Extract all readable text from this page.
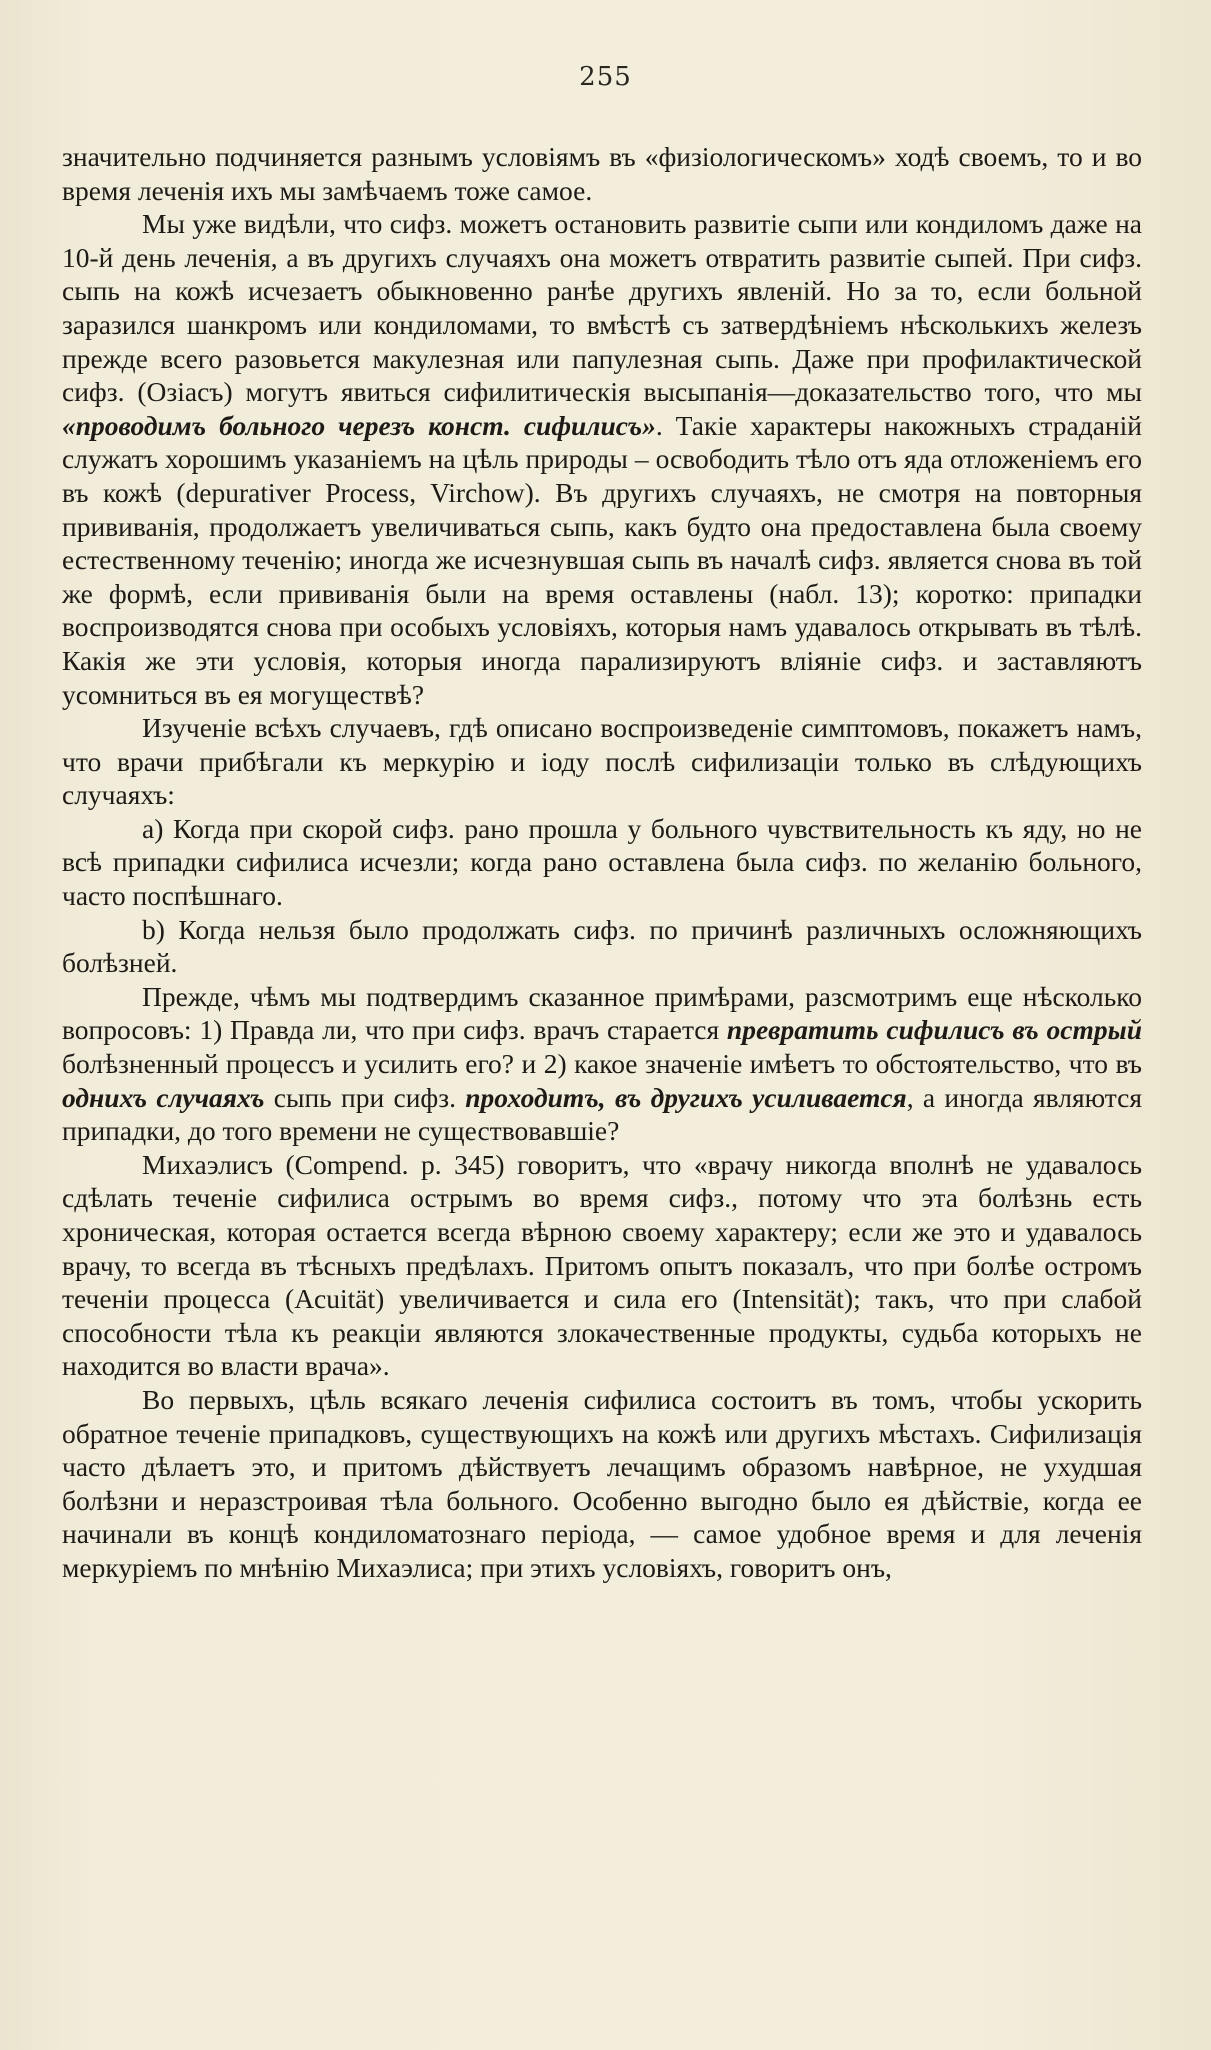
255

значительно подчиняется разнымъ условіямъ въ «физіологическомъ» ходѣ своемъ, то и во время леченія ихъ мы замѣчаемъ тоже самое.

Мы уже видѣли, что сифз. можетъ остановить развитіе сыпи или кондиломъ даже на 10-й день леченія, а въ другихъ случаяхъ она можетъ отвратить развитіе сыпей. При сифз. сыпь на кожѣ исчезаетъ обыкновенно ранѣе другихъ явленій. Но за то, если больной заразился шанкромъ или кондиломами, то вмѣстѣ съ затвердѣніемъ нѣсколькихъ железъ прежде всего разовьется макулезная или папулезная сыпь. Даже при профилактической сифз. (Озіасъ) могутъ явиться сифилитическія высыпанія—доказательство того, что мы «проводимъ больного черезъ конст. сифилисъ». Такіе характеры накожныхъ страданій служатъ хорошимъ указаніемъ на цѣль природы – освободить тѣло отъ яда отложеніемъ его въ кожѣ (depurativer Process, Virchow). Въ другихъ случаяхъ, не смотря на повторныя прививанія, продолжаетъ увеличиваться сыпь, какъ будто она предоставлена была своему естественному теченію; иногда же исчезнувшая сыпь въ началѣ сифз. является снова въ той же формѣ, если прививанія были на время оставлены (набл. 13); коротко: припадки воспроизводятся снова при особыхъ условіяхъ, которыя намъ удавалось открывать въ тѣлѣ. Какія же эти условія, которыя иногда парализируютъ вліяніе сифз. и заставляютъ усомниться въ ея могуществѣ?

Изученіе всѣхъ случаевъ, гдѣ описано воспроизведеніе симптомовъ, покажетъ намъ, что врачи прибѣгали къ меркурію и іоду послѣ сифилизаціи только въ слѣдующихъ случаяхъ:

а) Когда при скорой сифз. рано прошла у больного чувствительность къ яду, но не всѣ припадки сифилиса исчезли; когда рано оставлена была сифз. по желанію больного, часто поспѣшнаго.

b) Когда нельзя было продолжать сифз. по причинѣ различныхъ осложняющихъ болѣзней.

Прежде, чѣмъ мы подтвердимъ сказанное примѣрами, разсмотримъ еще нѣсколько вопросовъ: 1) Правда ли, что при сифз. врачъ старается превратить сифилисъ въ острый болѣзненный процессъ и усилить его? и 2) какое значеніе имѣетъ то обстоятельство, что въ однихъ случаяхъ сыпь при сифз. проходитъ, въ другихъ усиливается, а иногда являются припадки, до того времени не существовавшіе?

Михаэлисъ (Compend. p. 345) говоритъ, что «врачу никогда вполнѣ не удавалось сдѣлать теченіе сифилиса острымъ во время сифз., потому что эта болѣзнь есть хроническая, которая остается всегда вѣрною своему характеру; если же это и удавалось врачу, то всегда въ тѣсныхъ предѣлахъ. Притомъ опытъ показалъ, что при болѣе остромъ теченіи процесса (Acuität) увеличивается и сила его (Intensität); такъ, что при слабой способности тѣла къ реакціи являются злокачественные продукты, судьба которыхъ не находится во власти врача».

Во первыхъ, цѣль всякаго леченія сифилиса состоитъ въ томъ, чтобы ускорить обратное теченіе припадковъ, существующихъ на кожѣ или другихъ мѣстахъ. Сифилизація часто дѣлаетъ это, и притомъ дѣйствуетъ лечащимъ образомъ навѣрное, не ухудшая болѣзни и неразстроивая тѣла больного. Особенно выгодно было ея дѣйствіе, когда ее начинали въ концѣ кондиломатознаго періода, — самое удобное время и для леченія меркуріемъ по мнѣнію Михаэлиса; при этихъ условіяхъ, говоритъ онъ,
